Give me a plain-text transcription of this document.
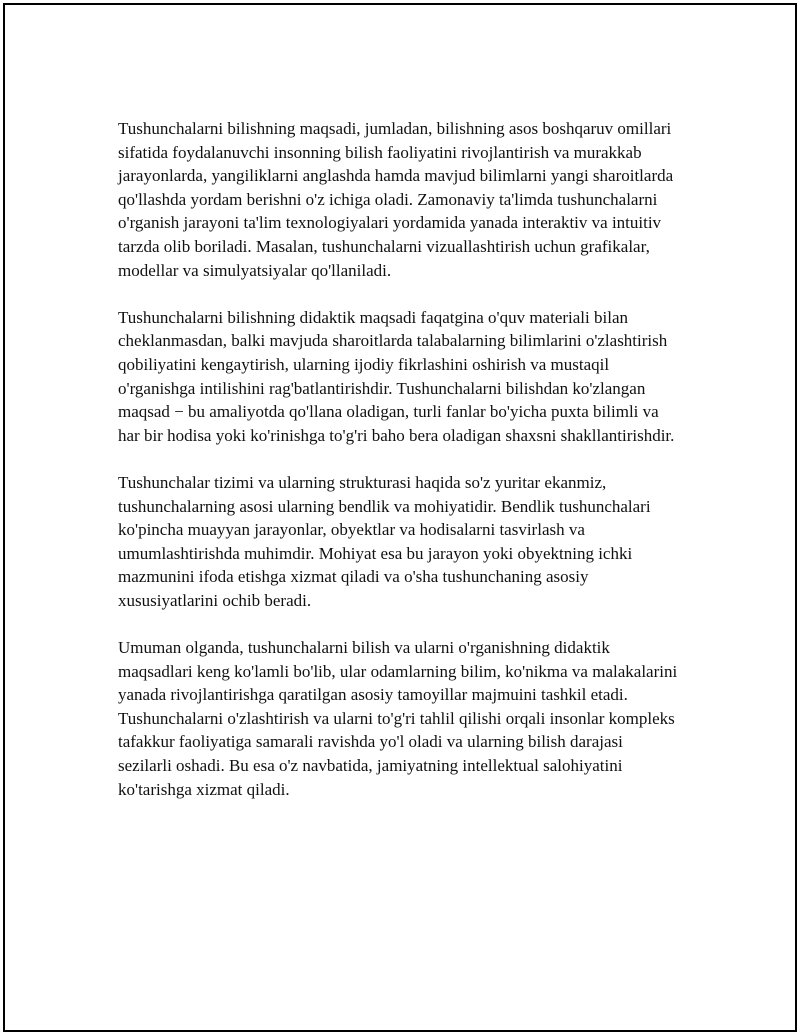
Tushunchalarni bilishning maqsadi, jumladan, bilishning asos boshqaruv omillari sifatida foydalanuvchi insonning bilish faoliyatini rivojlantirish va murakkab jarayonlarda, yangiliklarni anglashda hamda mavjud bilimlarni yangi sharoitlarda qo'llashda yordam berishni o'z ichiga oladi. Zamonaviy ta'limda tushunchalarni o'rganish jarayoni ta'lim texnologiyalari yordamida yanada interaktiv va intuitiv tarzda olib boriladi. Masalan, tushunchalarni vizuallashtirish uchun grafikalar, modellar va simulyatsiyalar qo'llaniladi.

Tushunchalarni bilishning didaktik maqsadi faqatgina o'quv materiali bilan cheklanmasdan, balki mavjuda sharoitlarda talabalarning bilimlarini o'zlashtirish qobiliyatini kengaytirish, ularning ijodiy fikrlashini oshirish va mustaqil o'rganishga intilishini rag'batlantirishdir. Tushunchalarni bilishdan ko'zlangan maqsad − bu amaliyotda qo'llana oladigan, turli fanlar bo'yicha puxta bilimli va har bir hodisa yoki ko'rinishga to'g'ri baho bera oladigan shaxsni shakllantirishdir.

Tushunchalar tizimi va ularning strukturasi haqida so'z yuritar ekanmiz, tushunchalarning asosi ularning bendlik va mohiyatidir. Bendlik tushunchalari ko'pincha muayyan jarayonlar, obyektlar va hodisalarni tasvirlash va umumlashtirishda muhimdir. Mohiyat esa bu jarayon yoki obyektning ichki mazmunini ifoda etishga xizmat qiladi va o'sha tushunchaning asosiy xususiyatlarini ochib beradi.

Umuman olganda, tushunchalarni bilish va ularni o'rganishning didaktik maqsadlari keng ko'lamli bo'lib, ular odamlarning bilim, ko'nikma va malakalarini yanada rivojlantirishga qaratilgan asosiy tamoyillar majmuini tashkil etadi. Tushunchalarni o'zlashtirish va ularni to'g'ri tahlil qilishi orqali insonlar kompleks tafakkur faoliyatiga samarali ravishda yo'l oladi va ularning bilish darajasi sezilarli oshadi. Bu esa o'z navbatida, jamiyatning intellektual salohiyatini ko'tarishga xizmat qiladi.
